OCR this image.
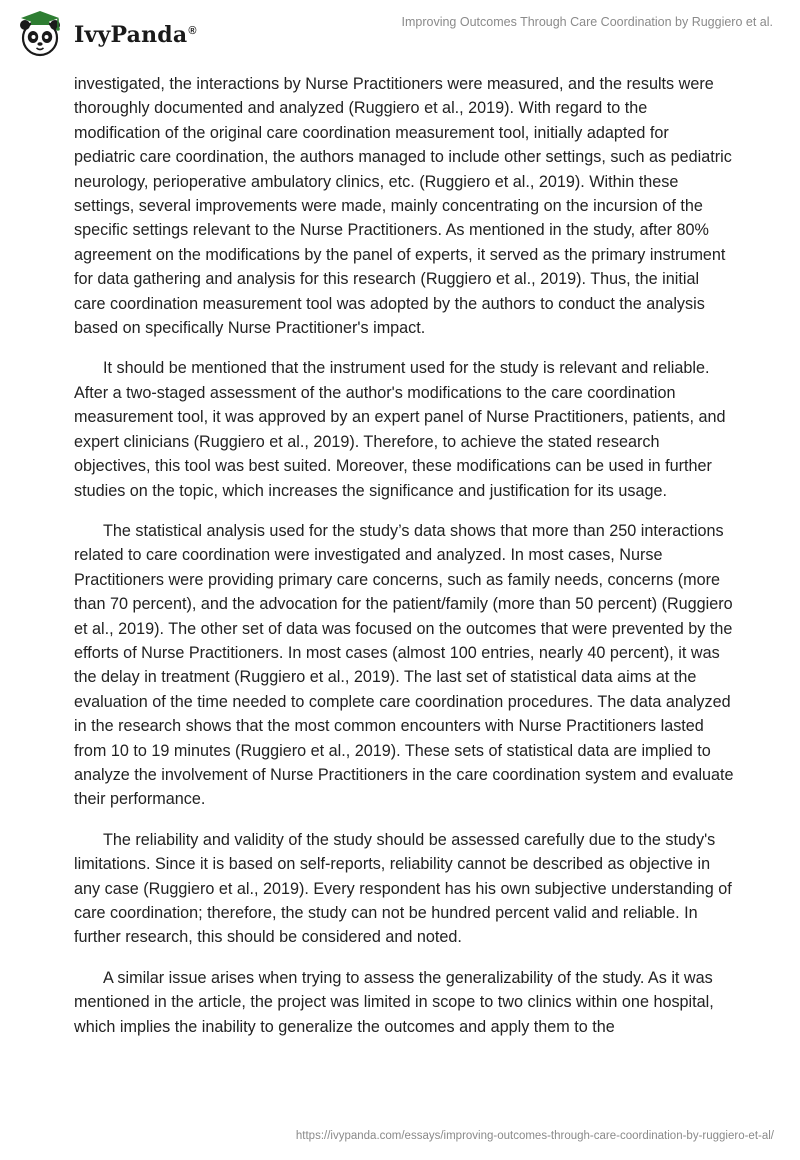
IvyPanda®
Improving Outcomes Through Care Coordination by Ruggiero et al.

investigated, the interactions by Nurse Practitioners were measured, and the results were thoroughly documented and analyzed (Ruggiero et al., 2019). With regard to the modification of the original care coordination measurement tool, initially adapted for pediatric care coordination, the authors managed to include other settings, such as pediatric neurology, perioperative ambulatory clinics, etc. (Ruggiero et al., 2019). Within these settings, several improvements were made, mainly concentrating on the incursion of the specific settings relevant to the Nurse Practitioners. As mentioned in the study, after 80% agreement on the modifications by the panel of experts, it served as the primary instrument for data gathering and analysis for this research (Ruggiero et al., 2019). Thus, the initial care coordination measurement tool was adopted by the authors to conduct the analysis based on specifically Nurse Practitioner's impact.

It should be mentioned that the instrument used for the study is relevant and reliable. After a two-staged assessment of the author's modifications to the care coordination measurement tool, it was approved by an expert panel of Nurse Practitioners, patients, and expert clinicians (Ruggiero et al., 2019). Therefore, to achieve the stated research objectives, this tool was best suited. Moreover, these modifications can be used in further studies on the topic, which increases the significance and justification for its usage.

The statistical analysis used for the study’s data shows that more than 250 interactions related to care coordination were investigated and analyzed. In most cases, Nurse Practitioners were providing primary care concerns, such as family needs, concerns (more than 70 percent), and the advocation for the patient/family (more than 50 percent) (Ruggiero et al., 2019). The other set of data was focused on the outcomes that were prevented by the efforts of Nurse Practitioners. In most cases (almost 100 entries, nearly 40 percent), it was the delay in treatment (Ruggiero et al., 2019). The last set of statistical data aims at the evaluation of the time needed to complete care coordination procedures. The data analyzed in the research shows that the most common encounters with Nurse Practitioners lasted from 10 to 19 minutes (Ruggiero et al., 2019). These sets of statistical data are implied to analyze the involvement of Nurse Practitioners in the care coordination system and evaluate their performance.

The reliability and validity of the study should be assessed carefully due to the study's limitations. Since it is based on self-reports, reliability cannot be described as objective in any case (Ruggiero et al., 2019). Every respondent has his own subjective understanding of care coordination; therefore, the study can not be hundred percent valid and reliable. In further research, this should be considered and noted.

A similar issue arises when trying to assess the generalizability of the study. As it was mentioned in the article, the project was limited in scope to two clinics within one hospital, which implies the inability to generalize the outcomes and apply them to the

https://ivypanda.com/essays/improving-outcomes-through-care-coordination-by-ruggiero-et-al/
